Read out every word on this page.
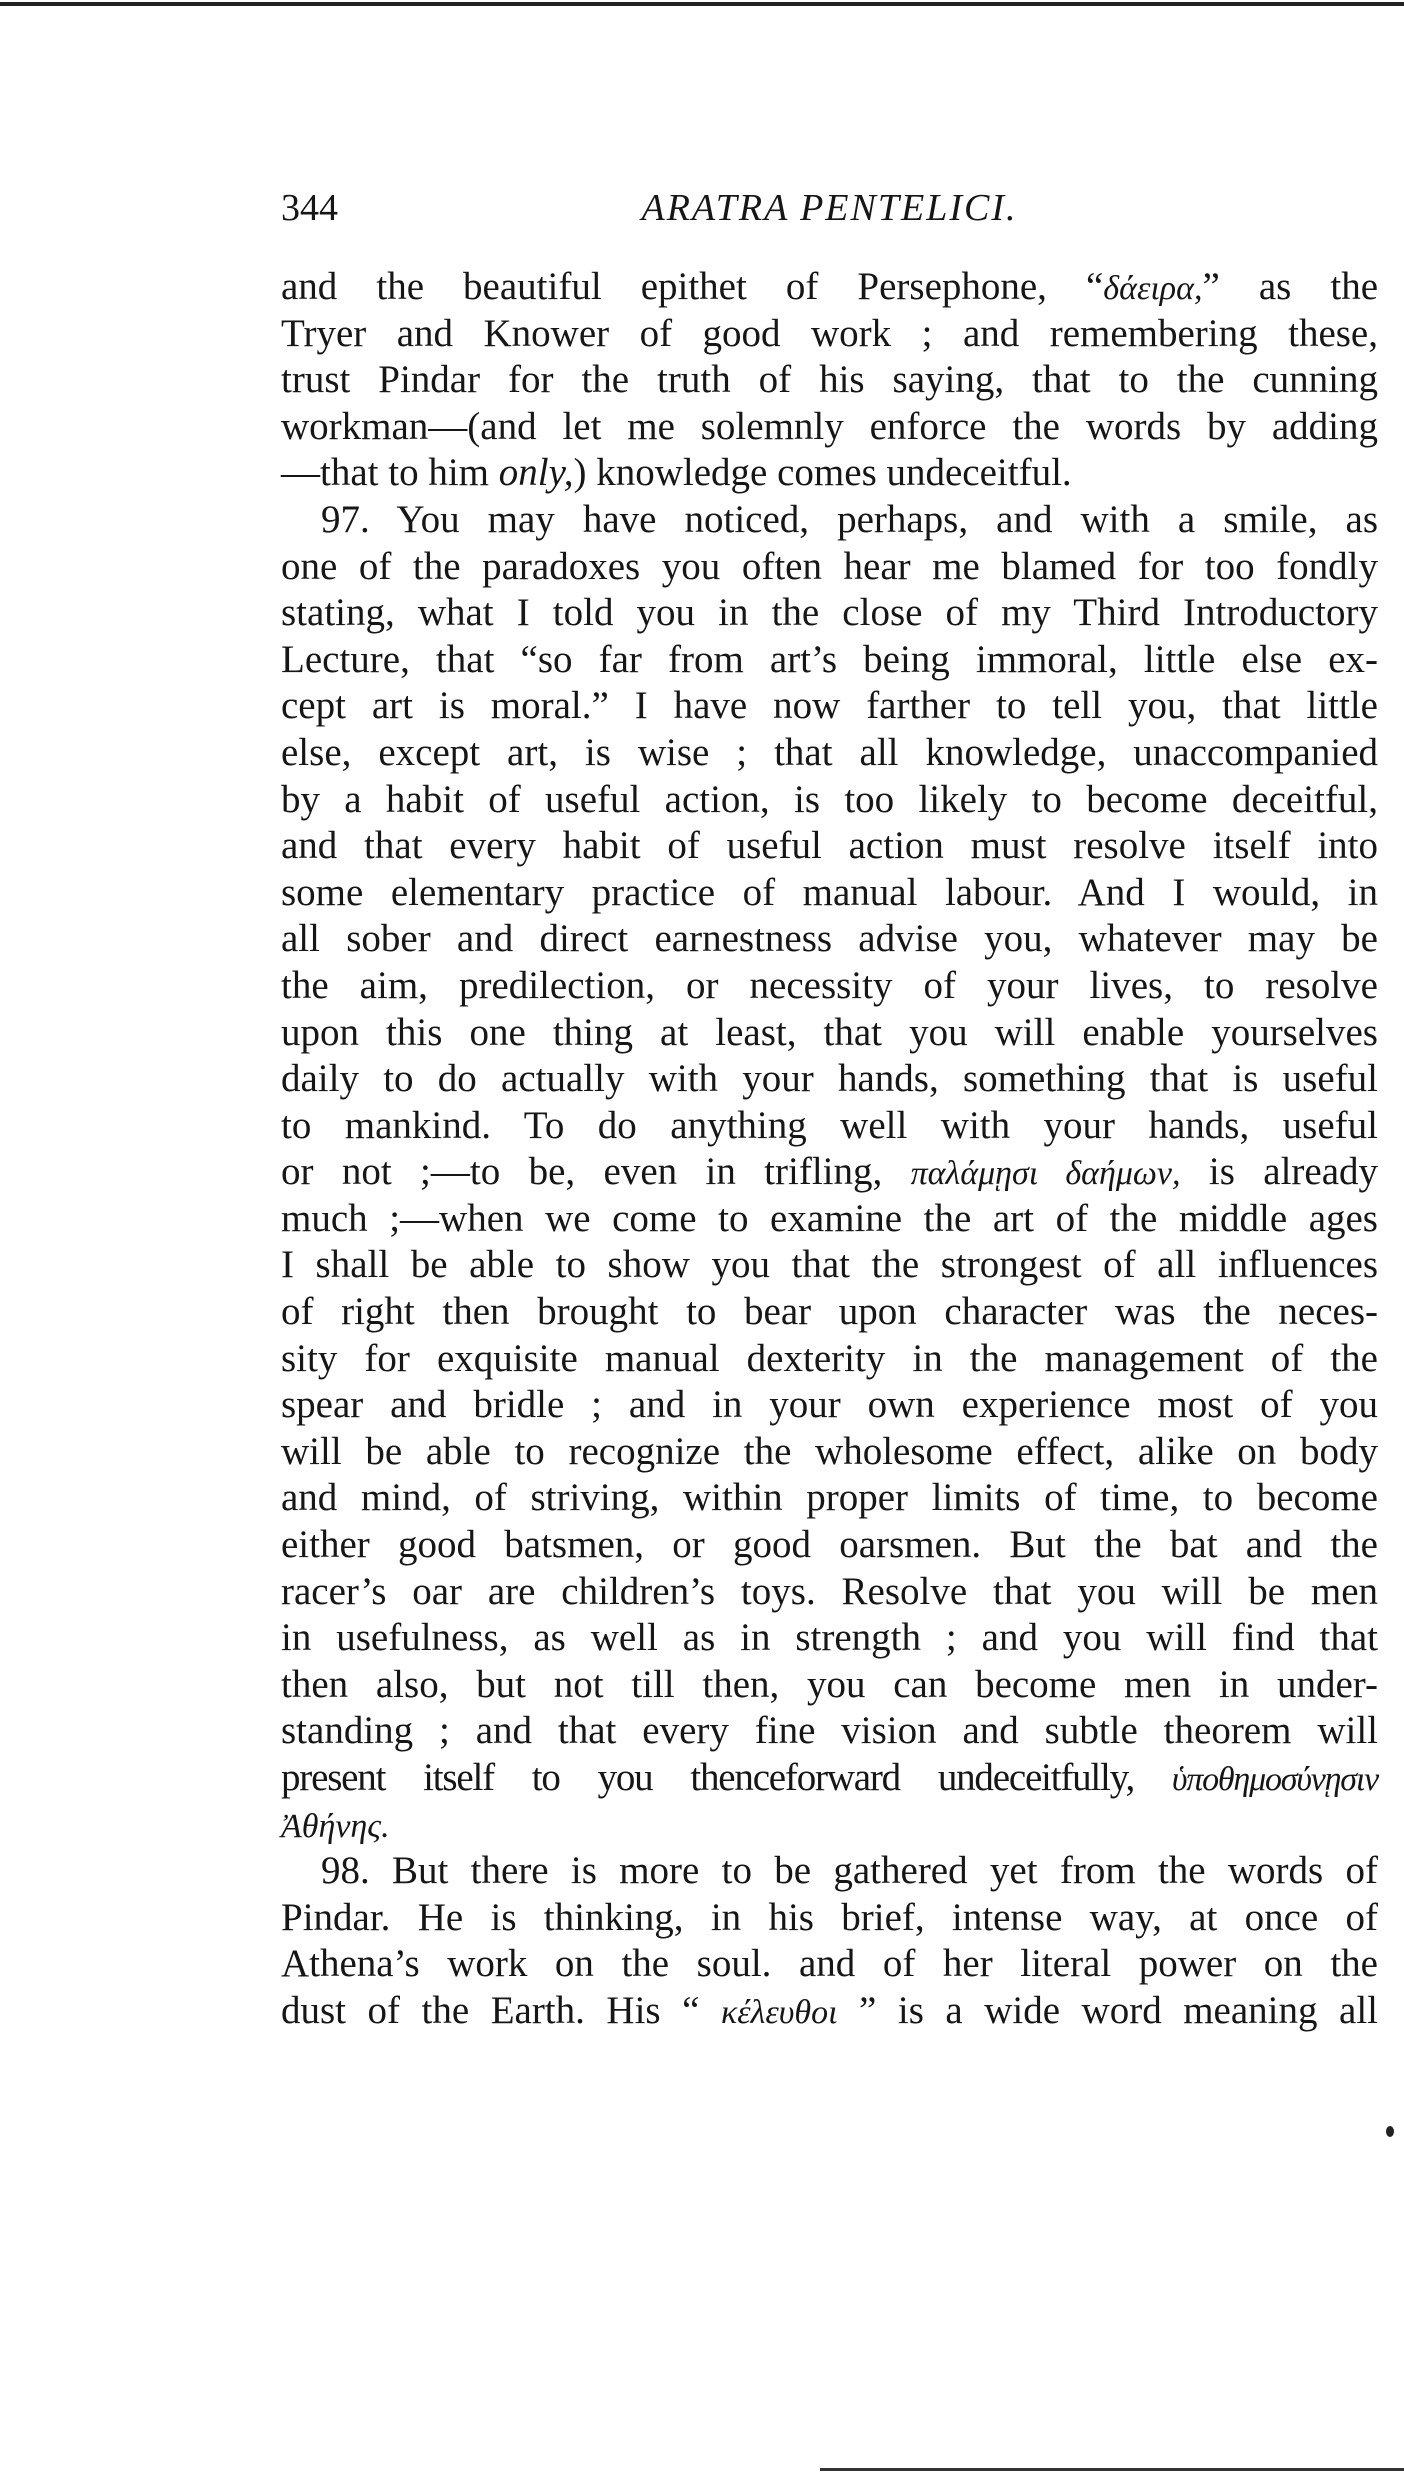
344	ARATRA PENTELICI.
and the beautiful epithet of Persephone, “δάειρα,” as the
Tryer and Knower of good work ; and remembering these,
trust Pindar for the truth of his saying, that to the cunning
workman—(and let me solemnly enforce the words by adding
—that to him only,) knowledge comes undeceitful.
97. You may have noticed, perhaps, and with a smile, as
one of the paradoxes you often hear me blamed for too fondly
stating, what I told you in the close of my Third Introductory
Lecture, that “so far from art’s being immoral, little else ex-
cept art is moral.” I have now farther to tell you, that little
else, except art, is wise ; that all knowledge, unaccompanied
by a habit of useful action, is too likely to become deceitful,
and that every habit of useful action must resolve itself into
some elementary practice of manual labour. And I would, in
all sober and direct earnestness advise you, whatever may be
the aim, predilection, or necessity of your lives, to resolve
upon this one thing at least, that you will enable yourselves
daily to do actually with your hands, something that is useful
to mankind. To do anything well with your hands, useful
or not ;—to be, even in trifling, παλάμῃσι δαήμων, is already
much ;—when we come to examine the art of the middle ages
I shall be able to show you that the strongest of all influences
of right then brought to bear upon character was the neces-
sity for exquisite manual dexterity in the management of the
spear and bridle ; and in your own experience most of you
will be able to recognize the wholesome effect, alike on body
and mind, of striving, within proper limits of time, to become
either good batsmen, or good oarsmen. But the bat and the
racer’s oar are children’s toys. Resolve that you will be men
in usefulness, as well as in strength ; and you will find that
then also, but not till then, you can become men in under-
standing ; and that every fine vision and subtle theorem will
present itself to you thenceforward undeceitfully, ὑποθημοσύνῃσιν
Ἀθήνης.
98. But there is more to be gathered yet from the words of
Pindar. He is thinking, in his brief, intense way, at once of
Athena’s work on the soul. and of her literal power on the
dust of the Earth. His “ κέλευθοι ” is a wide word meaning all
